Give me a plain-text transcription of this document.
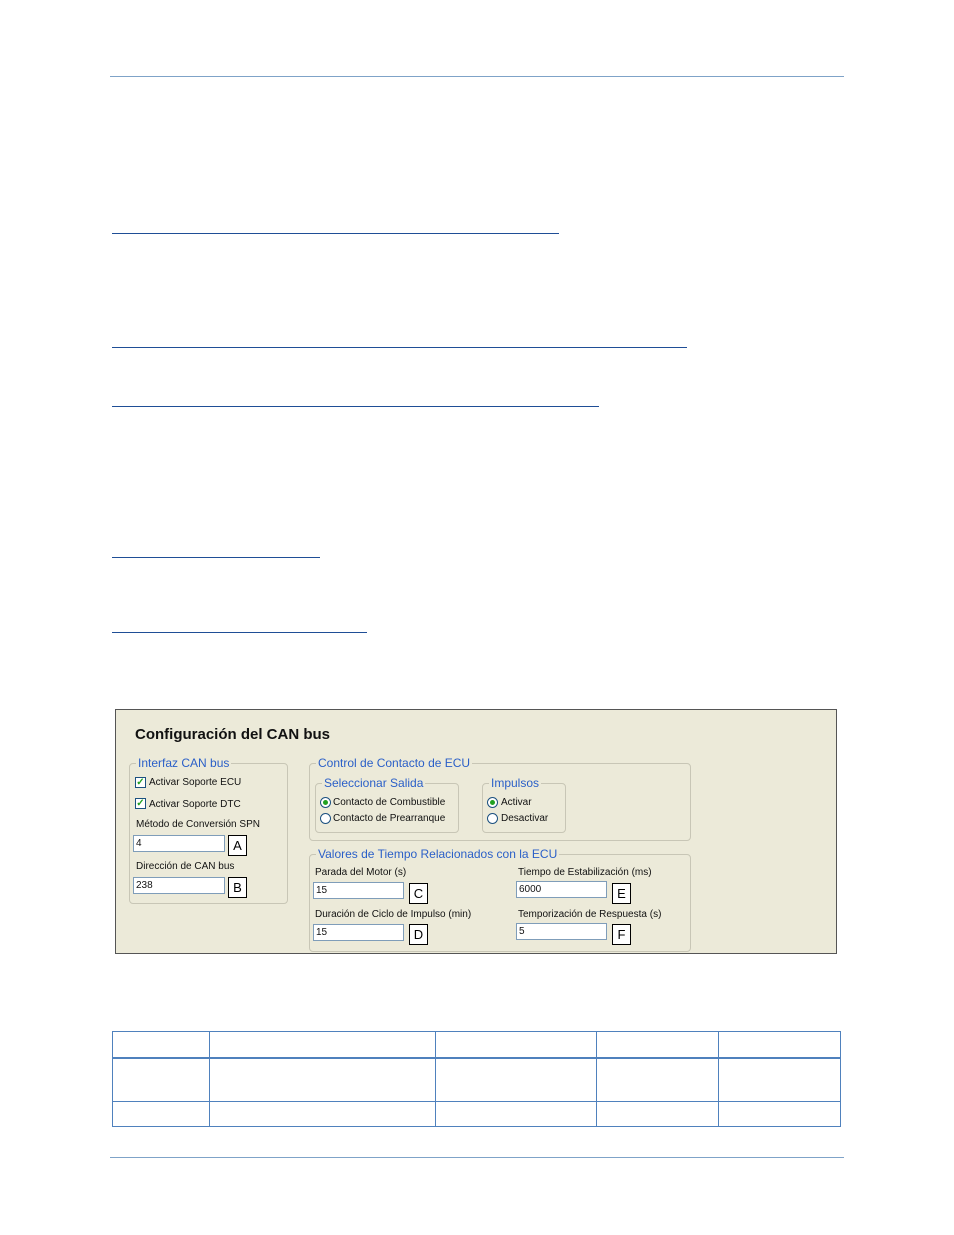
Configuración del CAN bus
Interfaz CAN bus
✓ Activar Soporte ECU
✓ Activar Soporte DTC
Método de Conversión SPN
4	A
Dirección de CAN bus
238	B
Control de Contacto de ECU
Seleccionar Salida
Contacto de Combustible
Contacto de Prearranque
Impulsos
Activar
Desactivar
Valores de Tiempo Relacionados con la ECU
Parada del Motor (s)
15	C
Duración de Ciclo de Impulso (min)
15	D
Tiempo de Estabilización (ms)
6000	E
Temporización de Respuesta (s)
5	F
